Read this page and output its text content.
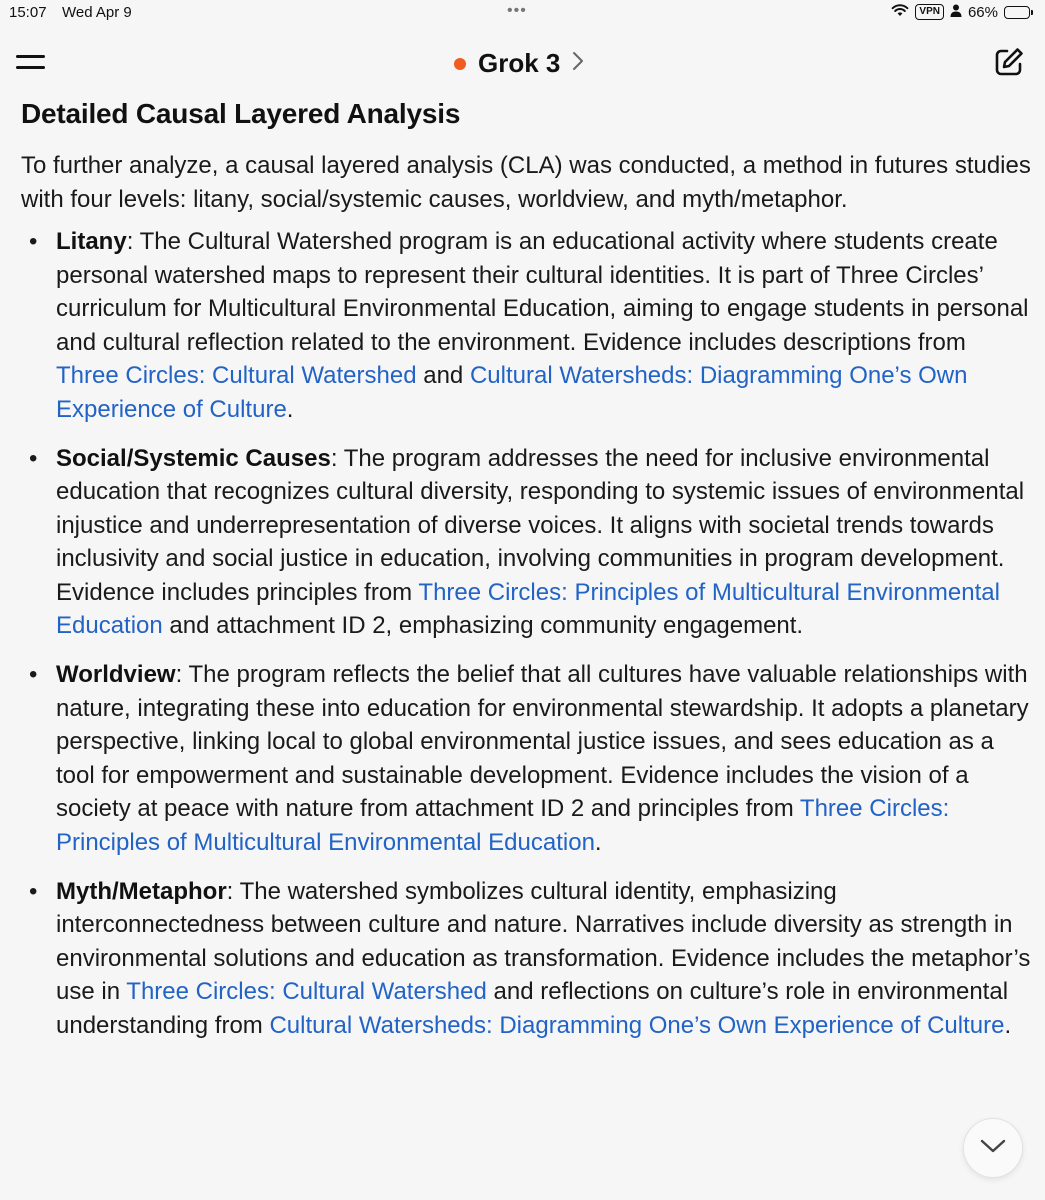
15:07 Wed Apr 9	•••	VPN 66%
Grok 3
Detailed Causal Layered Analysis

To further analyze, a causal layered analysis (CLA) was conducted, a method in futures studies with four levels: litany, social/systemic causes, worldview, and myth/metaphor.

• Litany: The Cultural Watershed program is an educational activity where students create personal watershed maps to represent their cultural identities. It is part of Three Circles’ curriculum for Multicultural Environmental Education, aiming to engage students in personal and cultural reflection related to the environment. Evidence includes descriptions from Three Circles: Cultural Watershed and Cultural Watersheds: Diagramming One’s Own Experience of Culture.
• Social/Systemic Causes: The program addresses the need for inclusive environmental education that recognizes cultural diversity, responding to systemic issues of environmental injustice and underrepresentation of diverse voices. It aligns with societal trends towards inclusivity and social justice in education, involving communities in program development. Evidence includes principles from Three Circles: Principles of Multicultural Environmental Education and attachment ID 2, emphasizing community engagement.
• Worldview: The program reflects the belief that all cultures have valuable relationships with nature, integrating these into education for environmental stewardship. It adopts a planetary perspective, linking local to global environmental justice issues, and sees education as a tool for empowerment and sustainable development. Evidence includes the vision of a society at peace with nature from attachment ID 2 and principles from Three Circles: Principles of Multicultural Environmental Education.
• Myth/Metaphor: The watershed symbolizes cultural identity, emphasizing interconnectedness between culture and nature. Narratives include diversity as strength in environmental solutions and education as transformation. Evidence includes the metaphor’s use in Three Circles: Cultural Watershed and reflections on culture’s role in environmental understanding from Cultural Watersheds: Diagramming One’s Own Experience of Culture.
